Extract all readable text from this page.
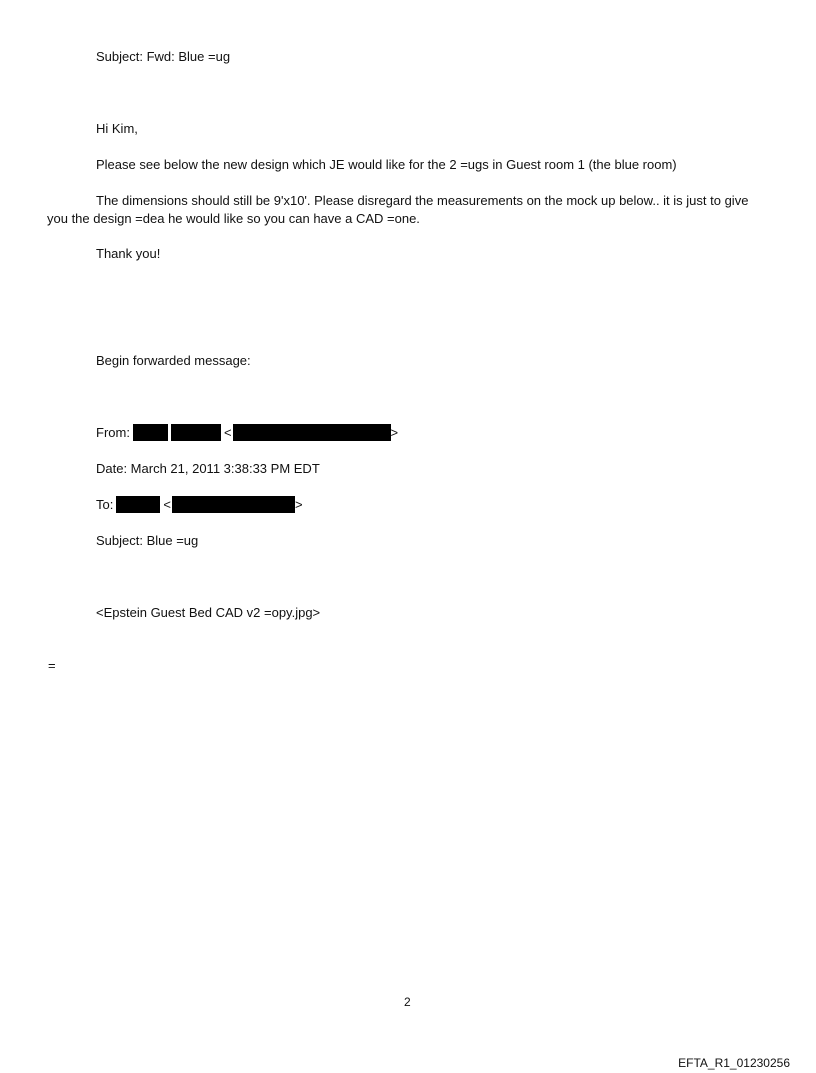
Subject: Fwd: Blue =ug
Hi Kim,
Please see below the new design which JE would like for the 2 =ugs in Guest room 1 (the blue room)
The dimensions should still be 9'x10'. Please disregard the measurements on the mock up below.. it is just to give you the design =dea he would like so you can have a CAD =one.
Thank you!
Begin forwarded message:
From:	<	>
Date: March 21, 2011 3:38:33 PM EDT
To:	<	>
Subject: Blue =ug
<Epstein Guest Bed CAD v2 =opy.jpg>
=
2
EFTA_R1_01230256
